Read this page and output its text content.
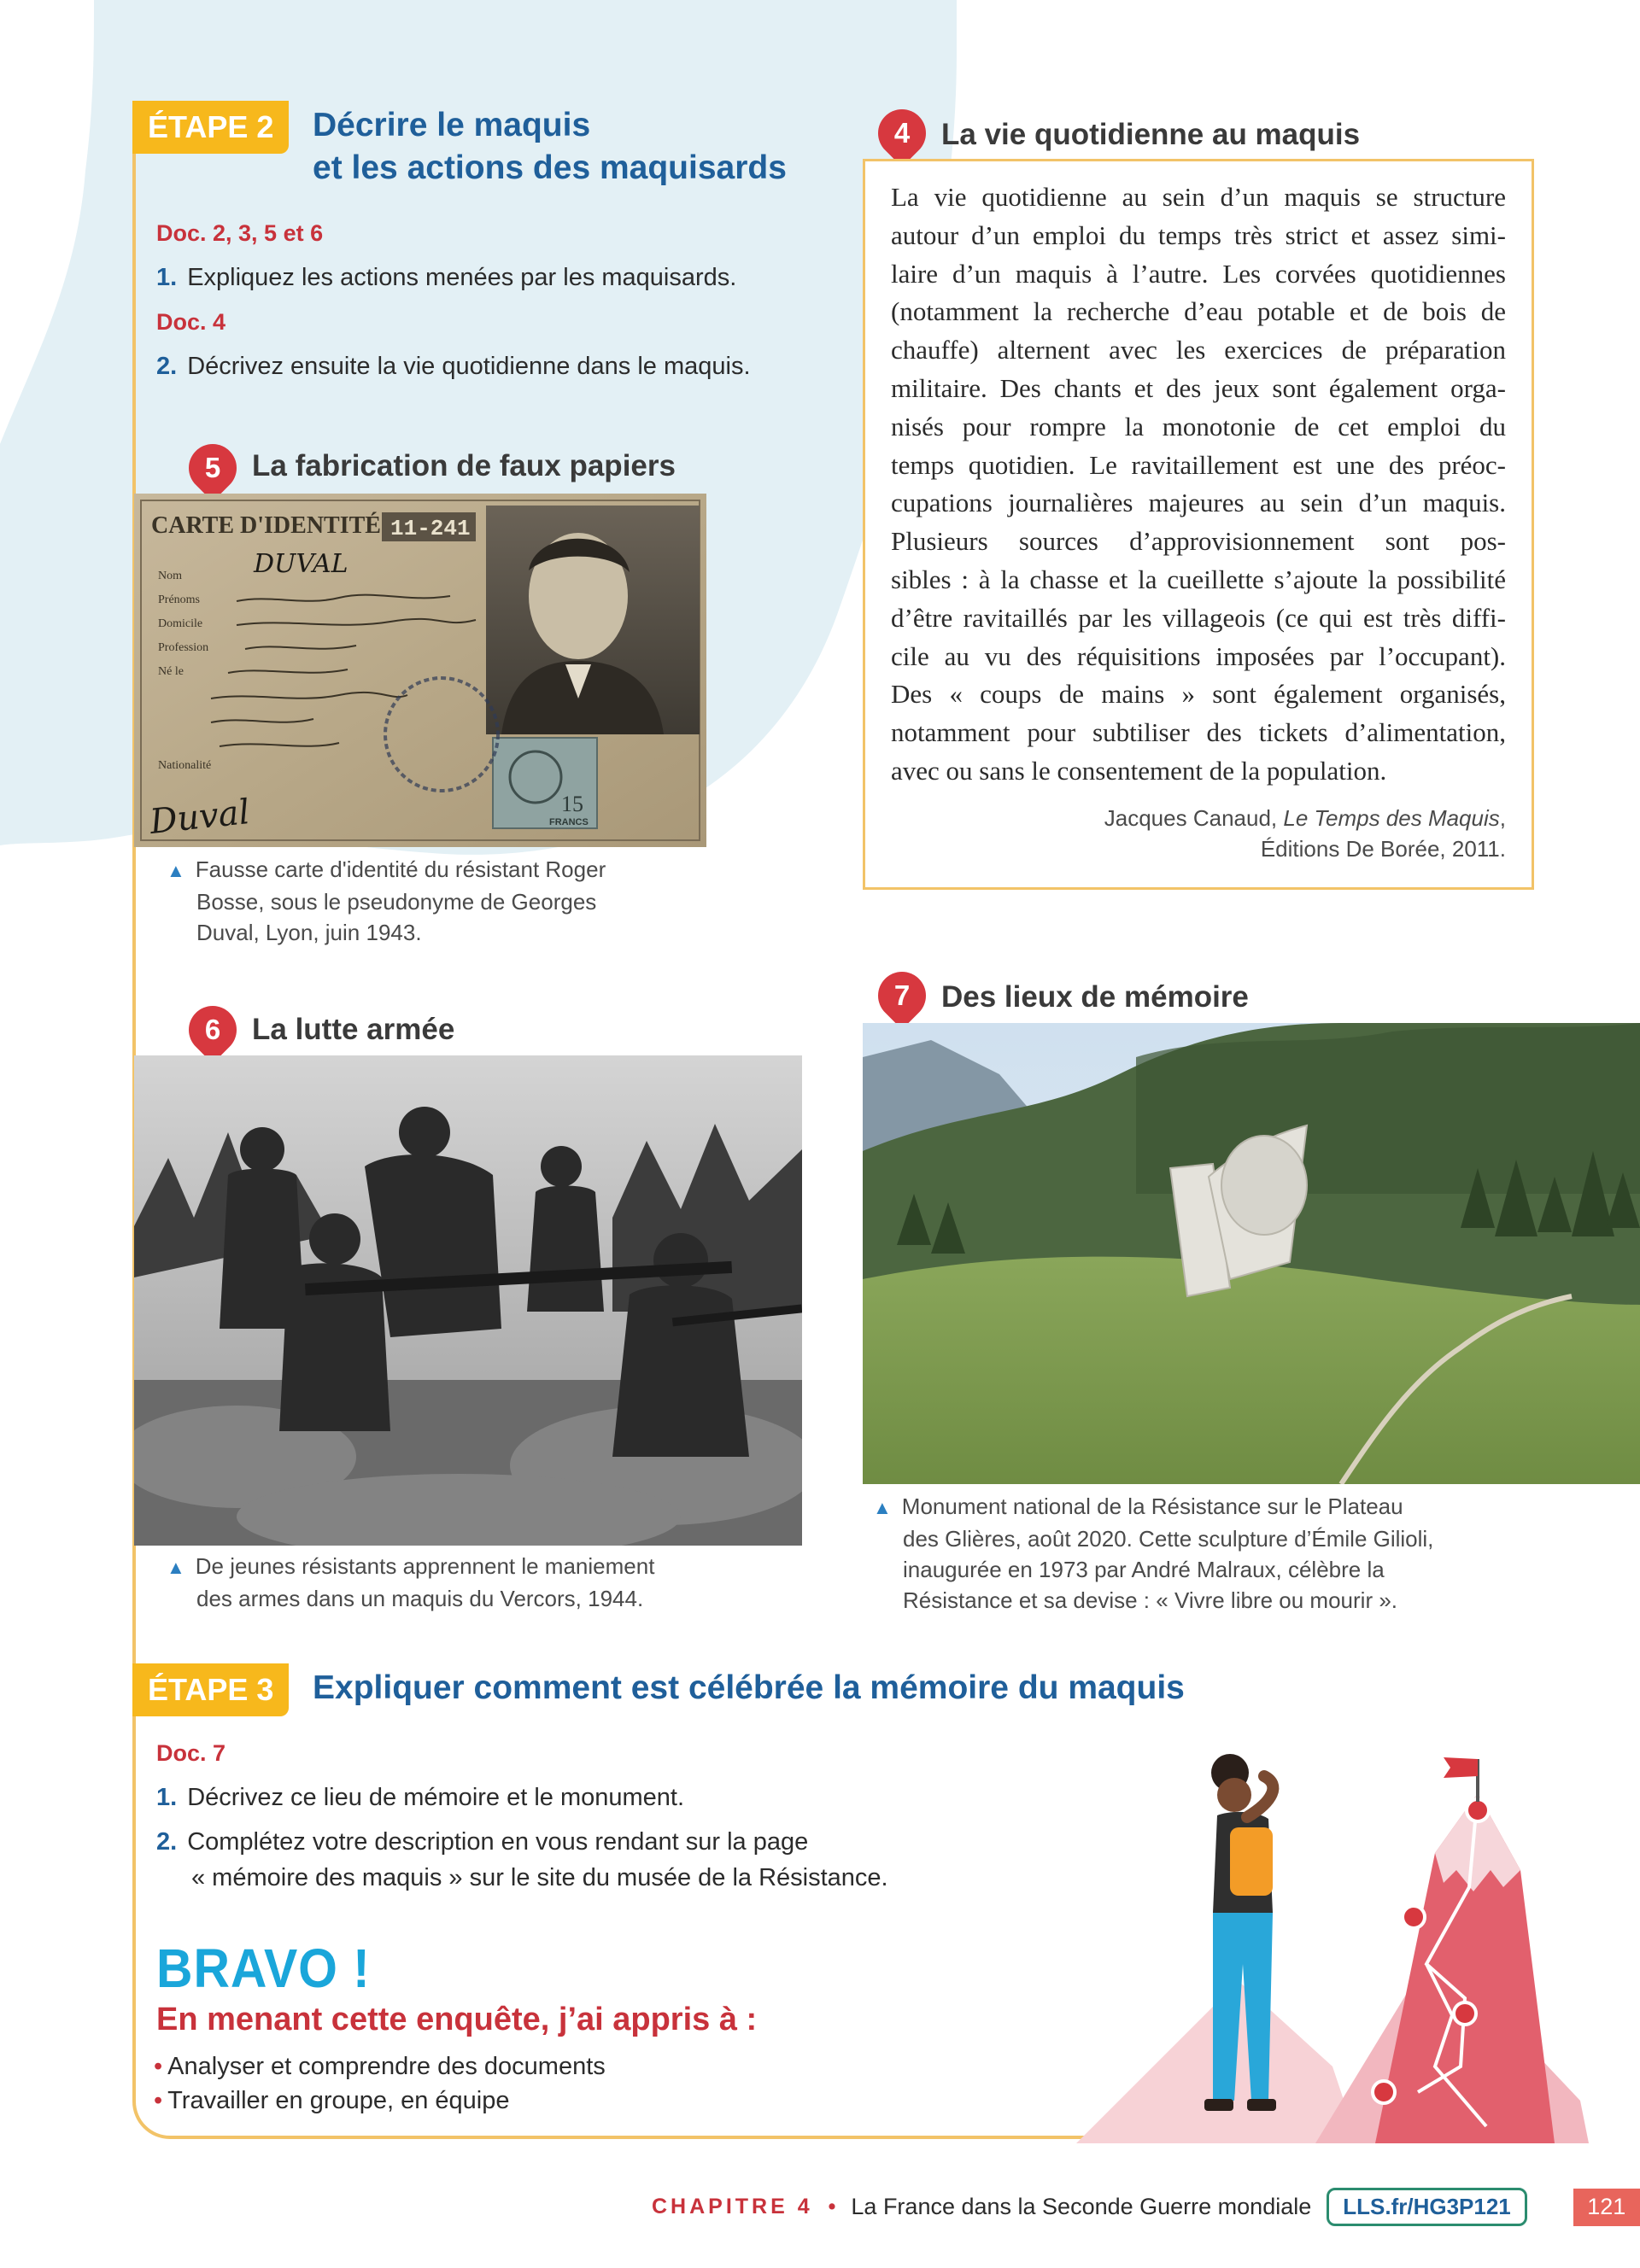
ÉTAPE 2	Décrire le maquis
et les actions des maquisards
Doc. 2, 3, 5 et 6
1. Expliquez les actions menées par les maquisards.
Doc. 4
2. Décrivez ensuite la vie quotidienne dans le maquis.
4	La vie quotidienne au maquis
La vie quotidienne au sein d’un maquis se structure
autour d’un emploi du temps très strict et assez simi-
laire d’un maquis à l’autre. Les corvées quotidiennes
(notamment la recherche d’eau potable et de bois de
chauffe) alternent avec les exercices de préparation
militaire. Des chants et des jeux sont également orga-
nisés pour rompre la monotonie de cet emploi du
temps quotidien. Le ravitaillement est une des préoc-
cupations journalières majeures au sein d’un maquis.
Plusieurs sources d’approvisionnement sont pos-
sibles : à la chasse et la cueillette s’ajoute la possibilité
d’être ravitaillés par les villageois (ce qui est très diffi-
cile au vu des réquisitions imposées par l’occupant).
Des « coups de mains » sont également organisés,
notamment pour subtiliser des tickets d’alimentation,
avec ou sans le consentement de la population.
Jacques Canaud, Le Temps des Maquis,
Éditions De Borée, 2011.
5	La fabrication de faux papiers
CARTE D'IDENTITÉ 11-241
DUVAL
Nom
Prénoms
Domicile
Profession
Né le
Nationalité
15
FRANCS
Duval
▲ Fausse carte d'identité du résistant Roger
Bosse, sous le pseudonyme de Georges
Duval, Lyon, juin 1943.
6	La lutte armée
▲ De jeunes résistants apprennent le maniement
des armes dans un maquis du Vercors, 1944.
7	Des lieux de mémoire
▲ Monument national de la Résistance sur le Plateau
des Glières, août 2020. Cette sculpture d’Émile Gilioli,
inaugurée en 1973 par André Malraux, célèbre la
Résistance et sa devise : « Vivre libre ou mourir ».
ÉTAPE 3	Expliquer comment est célébrée la mémoire du maquis
Doc. 7
1. Décrivez ce lieu de mémoire et le monument.
2. Complétez votre description en vous rendant sur la page
« mémoire des maquis » sur le site du musée de la Résistance.
BRAVO !
En menant cette enquête, j’ai appris à :
• Analyser et comprendre des documents
• Travailler en groupe, en équipe
CHAPITRE 4 • La France dans la Seconde Guerre mondiale	LLS.fr/HG3P121	121
